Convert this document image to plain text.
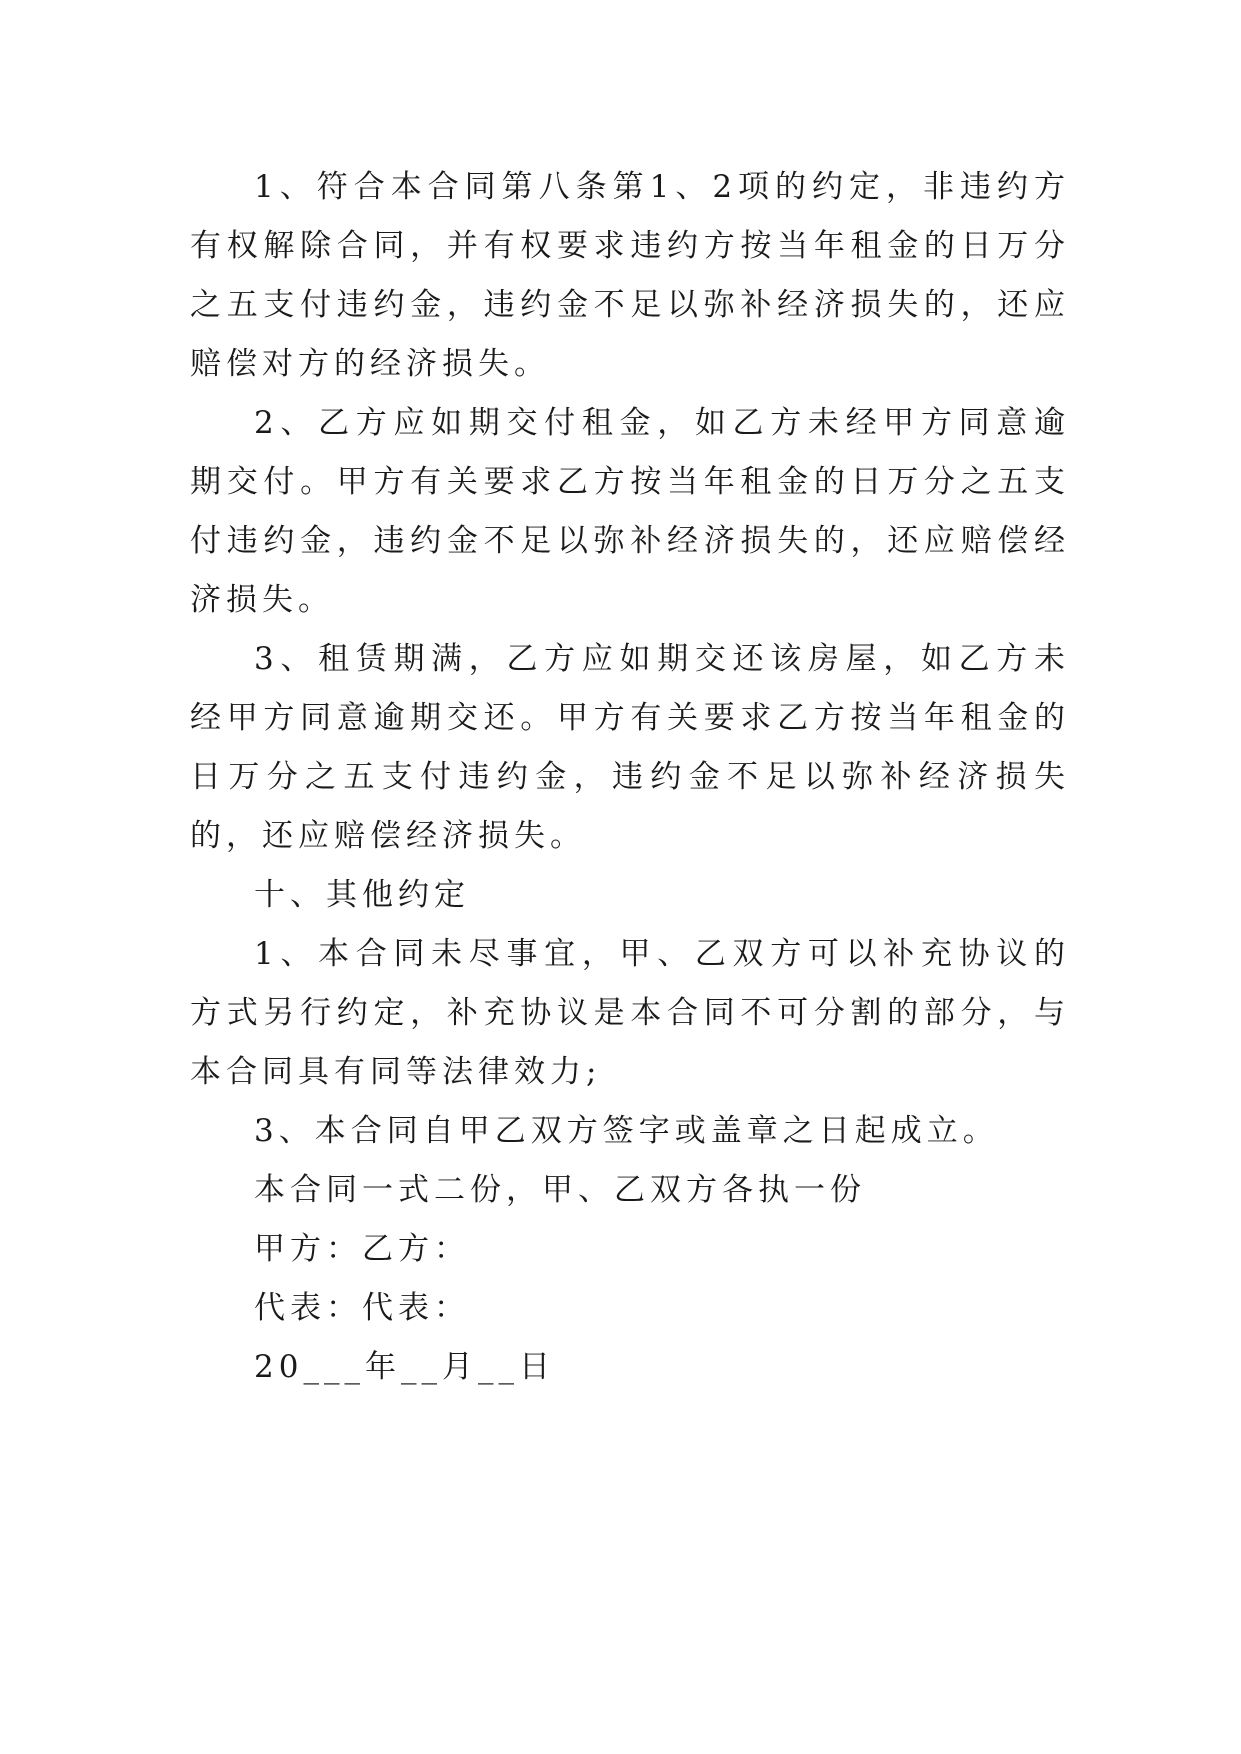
1、符合本合同第八条第1、2项的约定，非违约方有权解除合同，并有权要求违约方按当年租金的日万分之五支付违约金，违约金不足以弥补经济损失的，还应赔偿对方的经济损失。

2、乙方应如期交付租金，如乙方未经甲方同意逾期交付。甲方有关要求乙方按当年租金的日万分之五支付违约金，违约金不足以弥补经济损失的，还应赔偿经济损失。

3、租赁期满，乙方应如期交还该房屋，如乙方未经甲方同意逾期交还。甲方有关要求乙方按当年租金的日万分之五支付违约金，违约金不足以弥补经济损失的，还应赔偿经济损失。

十、其他约定

1、本合同未尽事宜，甲、乙双方可以补充协议的方式另行约定，补充协议是本合同不可分割的部分，与本合同具有同等法律效力;

3、本合同自甲乙双方签字或盖章之日起成立。

本合同一式二份，甲、乙双方各执一份

甲方：乙方：

代表：代表：

20___年__月__日
